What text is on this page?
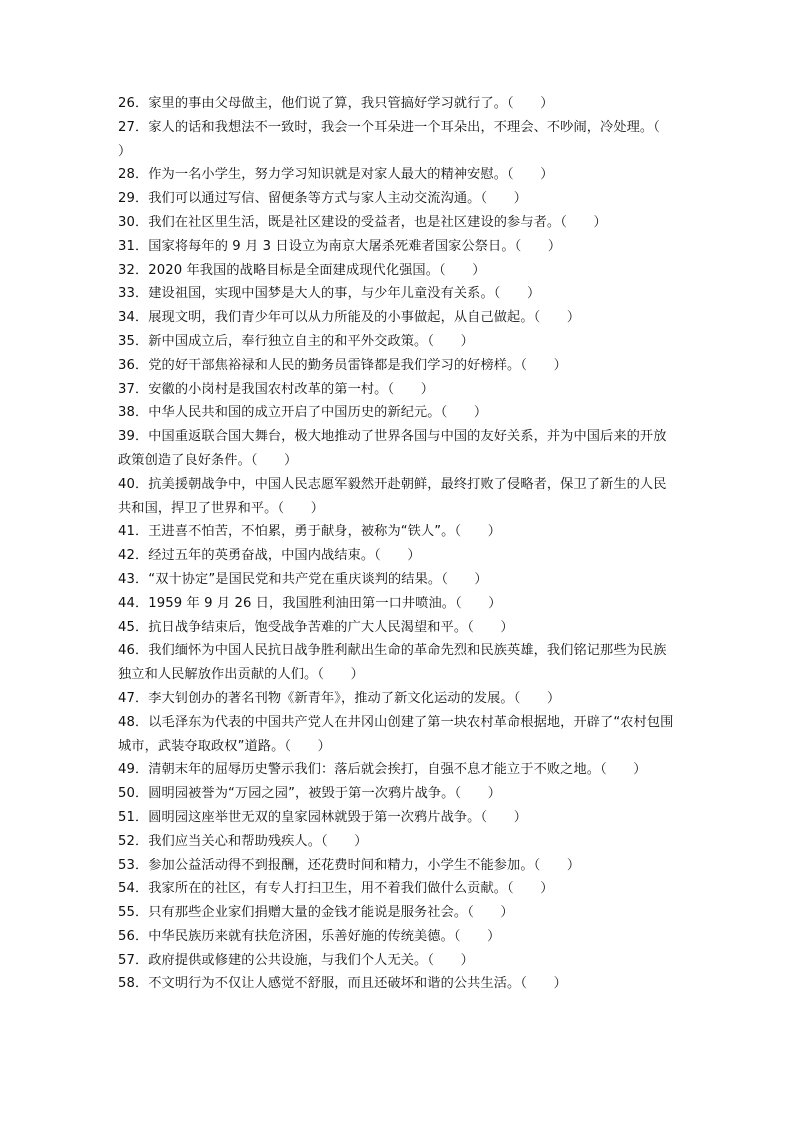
26．家里的事由父母做主，他们说了算，我只管搞好学习就行了。（　　）
27．家人的话和我想法不一致时，我会一个耳朵进一个耳朵出，不理会、不吵闹，冷处理。（　　）
28．作为一名小学生，努力学习知识就是对家人最大的精神安慰。（　　）
29．我们可以通过写信、留便条等方式与家人主动交流沟通。（　　）
30．我们在社区里生活，既是社区建设的受益者，也是社区建设的参与者。（　　）
31．国家将每年的 9 月 3 日设立为南京大屠杀死难者国家公祭日。（　　）
32．2020 年我国的战略目标是全面建成现代化强国。（　　）
33．建设祖国，实现中国梦是大人的事，与少年儿童没有关系。（　　）
34．展现文明，我们青少年可以从力所能及的小事做起，从自己做起。（　　）
35．新中国成立后，奉行独立自主的和平外交政策。（　　）
36．党的好干部焦裕禄和人民的勤务员雷锋都是我们学习的好榜样。（　　）
37．安徽的小岗村是我国农村改革的第一村。（　　）
38．中华人民共和国的成立开启了中国历史的新纪元。（　　）
39．中国重返联合国大舞台，极大地推动了世界各国与中国的友好关系，并为中国后来的开放政策创造了良好条件。（　　）
40．抗美援朝战争中，中国人民志愿军毅然开赴朝鲜，最终打败了侵略者，保卫了新生的人民共和国，捍卫了世界和平。（　　）
41．王进喜不怕苦，不怕累，勇于献身，被称为“铁人”。（　　）
42．经过五年的英勇奋战，中国内战结束。（　　）
43．“双十协定”是国民党和共产党在重庆谈判的结果。（　　）
44．1959 年 9 月 26 日，我国胜利油田第一口井喷油。（　　）
45．抗日战争结束后，饱受战争苦难的广大人民渴望和平。（　　）
46．我们缅怀为中国人民抗日战争胜利献出生命的革命先烈和民族英雄，我们铭记那些为民族独立和人民解放作出贡献的人们。（　　）
47．李大钊创办的著名刊物《新青年》，推动了新文化运动的发展。（　　）
48．以毛泽东为代表的中国共产党人在井冈山创建了第一块农村革命根据地，开辟了“农村包围城市，武装夺取政权”道路。（　　）
49．清朝末年的屈辱历史警示我们：落后就会挨打，自强不息才能立于不败之地。（　　）
50．圆明园被誉为“万园之园”，被毁于第一次鸦片战争。（　　）
51．圆明园这座举世无双的皇家园林就毁于第一次鸦片战争。（　　）
52．我们应当关心和帮助残疾人。（　　）
53．参加公益活动得不到报酬，还花费时间和精力，小学生不能参加。（　　）
54．我家所在的社区，有专人打扫卫生，用不着我们做什么贡献。（　　）
55．只有那些企业家们捐赠大量的金钱才能说是服务社会。（　　）
56．中华民族历来就有扶危济困，乐善好施的传统美德。（　　）
57．政府提供或修建的公共设施，与我们个人无关。（　　）
58．不文明行为不仅让人感觉不舒服，而且还破坏和谐的公共生活。（　　）
